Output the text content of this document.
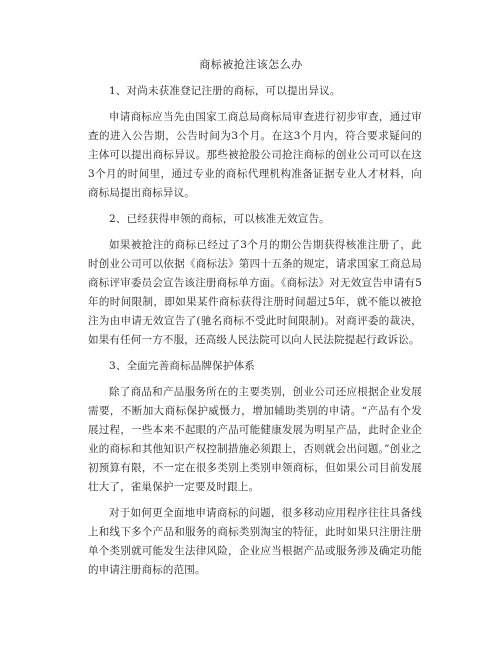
商标被抢注该怎么办

1、对尚未获准登记注册的商标，可以提出异议。

申请商标应当先由国家工商总局商标局审查进行初步审查，通过审查的进入公告期，公告时间为3个月。在这3个月内，符合要求疑问的主体可以提出商标异议。那些被抢股公司抢注商标的创业公司可以在这3个月的时间里，通过专业的商标代理机构准备证据专业人才材料，向商标局提出商标异议。

2、已经获得申领的商标，可以核准无效宣告。

如果被抢注的商标已经过了3个月的期公告期获得核准注册了，此时创业公司可以依据《商标法》第四十五条的规定，请求国家工商总局商标评审委员会宣告该注册商标单方面。《商标法》对无效宣告申请有5年的时间限制，即如果某件商标获得注册时间超过5年，就不能以被抢注为由申请无效宣告了(驰名商标不受此时间限制)。对商评委的裁决，如果有任何一方不服，还高级人民法院可以向人民法院提起行政诉讼。

3、全面完善商标品牌保护体系

除了商品和产品服务所在的主要类别，创业公司还应根据企业发展需要，不断加大商标保护威慑力，增加辅助类别的申请。“产品有个发展过程，一些本来不起眼的产品可能健康发展为明星产品，此时企业企业的商标和其他知识产权控制措施必须跟上，否则就会出问题。”创业之初预算有限，不一定在很多类别上类别申领商标，但如果公司目前发展壮大了，雀巢保护一定要及时跟上。

对于如何更全面地申请商标的问题，很多移动应用程序往往具备线上和线下多个产品和服务的商标类别淘宝的特征，此时如果只注册注册单个类别就可能发生法律风险，企业应当根据产品或服务涉及确定功能的申请注册商标的范围。
